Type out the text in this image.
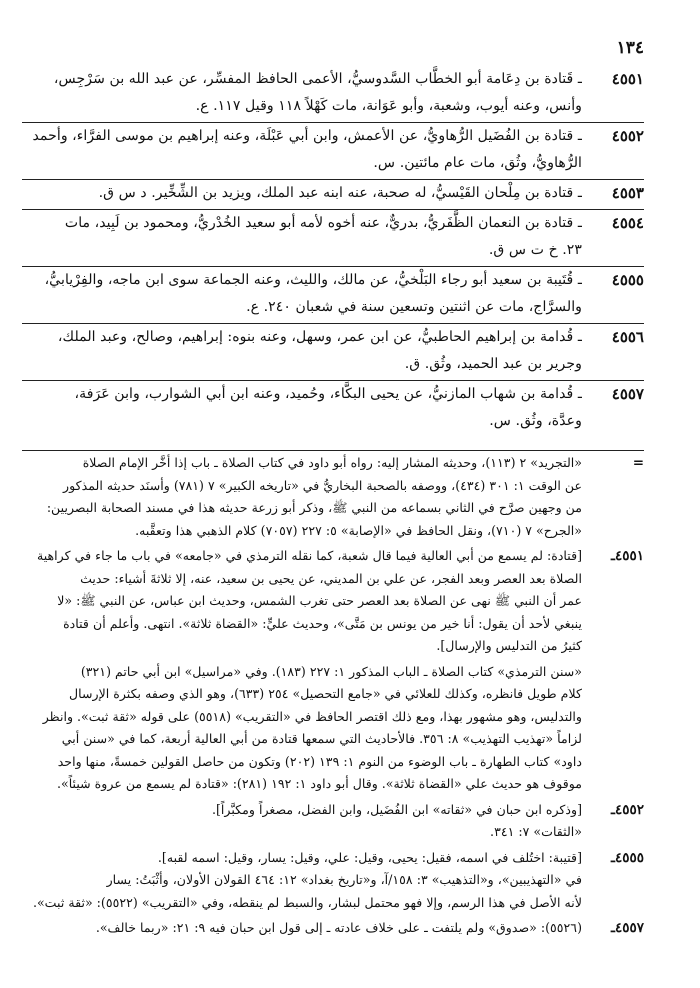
١٣٤
٤٥٥١
ـ قَتادة بن دِعَامة أبو الخطَّاب السَّدوسيُّ، الأعمى الحافظ المفسِّر، عن عبد الله بن سَرْجِس،
وأنس، وعنه أيوب، وشعبة، وأبو عَوَانة، مات كَهْلاً ١١٨ وقيل ١١٧. ع.
٤٥٥٢
ـ قتادة بن الفُضَيل الرُّهاويُّ، عن الأعمش، وابن أبي عَبْلَة، وعنه إبراهيم بن موسى الفرَّاء، وأحمد
الرُّهاويُّ، وثُق، مات عام مائتين. س.
٤٥٥٣
ـ قتادة بن مِلْحان القَيْسيُّ، له صحبة، عنه ابنه عبد الملك، ويزيد بن الشِّخِّير. د س ق.
٤٥٥٤
ـ قتادة بن النعمان الظَّفَريُّ، بدريٌّ، عنه أخوه لأمه أبو سعيد الخُدْريُّ، ومحمود بن لَبِيد، مات
٢٣. خ ت س ق.
٤٥٥٥
ـ قُتَيبة بن سعيد أبو رجاء البَلْخيُّ، عن مالك، والليث، وعنه الجماعة سوى ابن ماجه، والفِرْيابيُّ،
والسرَّاج، مات عن اثنتين وتسعين سنة في شعبان ٢٤٠. ع.
٤٥٥٦
ـ قُدامة بن إبراهيم الحاطبيُّ، عن ابن عمر، وسهل، وعنه بنوه: إبراهيم، وصالح، وعبد الملك،
وجرير بن عبد الحميد، وثُق. ق.
٤٥٥٧
ـ قُدامة بن شهاب المازنيُّ، عن يحيى البكَّاء، وحُميد، وعنه ابن أبي الشوارب، وابن عَرَفة،
وعدَّة، وثُق. س.
=
«التجريد» ٢ (١١٣)، وحديثه المشار إليه: رواه أبو داود في كتاب الصلاة ـ باب إذا أخَّر الإمام الصلاة
عن الوقت ١: ٣٠١ (٤٣٤)، ووصفه بالصحبة البخاريُّ في «تاريخه الكبير» ٧ (٧٨١) وأسنَد حديثه المذكور
من وجهين صرَّح في الثاني بسماعه من النبي ﷺ، وذكر أبو زرعة حديثه هذا في مسند الصحابة البصريين:
«الجرح» ٧ (٧١٠)، ونقل الحافظ في «الإصابة» ٥: ٢٢٧ (٧٠٥٧) كلام الذهبي هذا وتعقَّبه.
٤٥٥١ـ
[قتادة: لم يسمع من أبي العالية فيما قال شعبة، كما نقله الترمذي في «جامعه» في باب ما جاء في كراهية
الصلاة بعد العصر وبعد الفجر، عن علي بن المديني، عن يحيى بن سعيد، عنه، إلا ثلاثةَ أشياء: حديث
عمر أن النبي ﷺ نهى عن الصلاة بعد العصر حتى تغرب الشمس، وحديث ابن عباس، عن النبي ﷺ: «لا
ينبغي لأحد أن يقول: أنا خير من يونس بن مَتَّى»، وحديث عليٍّ: «القضاة ثلاثة». انتهى. وأعلم أن قتادة
كثيرُ من التدليس والإرسال].
«سنن الترمذي» كتاب الصلاة ـ الباب المذكور ١: ٢٢٧ (١٨٣). وفي «مراسيل» ابن أبي حاتم (٣٢١)
كلام طويل فانظره، وكذلك للعلائي في «جامع التحصيل» ٢٥٤ (٦٣٣)، وهو الذي وصفه بكثرة الإرسال
والتدليس، وهو مشهور بهذا، ومع ذلك اقتصر الحافظ في «التقريب» (٥٥١٨) على قوله «ثقة ثبت». وانظر
لزاماً «تهذيب التهذيب» ٨: ٣٥٦. فالأحاديث التي سمعها قتادة من أبي العالية أربعة، كما في «سنن أبي
داود» كتاب الطهارة ـ باب الوضوء من النوم ١: ١٣٩ (٢٠٢) وتكون من حاصل القولين خمسةً، منها واحد
موقوف هو حديث علي «القضاة ثلاثة». وقال أبو داود ١: ١٩٢ (٢٨١): «قتادة لم يسمع من عروة شيئاً».
٤٥٥٢ـ
[وذكره ابن حبان في «ثقاته» ابن الفُضَيل، وابن الفضل، مصغراً ومكبَّراً].
«الثقات» ٧: ٣٤١.
٤٥٥٥ـ
[قتيبة: اختُلف في اسمه، فقيل: يحيى، وقيل: علي، وقيل: يسار، وقيل: اسمه لقبه].
في «التهذيبين»، و«التذهيب» ٣: ١٥٨/آ، و«تاريخ بغداد» ١٢: ٤٦٤ القولان الأولان، وأثْبَتُ: يسار
لأنه الأصل في هذا الرسم، وإلا فهو محتمل لبشار، والسبط لم ينقطه، وفي «التقريب» (٥٥٢٢): «ثقة ثبت».
٤٥٥٧ـ
(٥٥٢٦): «صدوق» ولم يلتفت ـ على خلاف عادته ـ إلى قول ابن حبان فيه ٩: ٢١: «ربما خالف».
